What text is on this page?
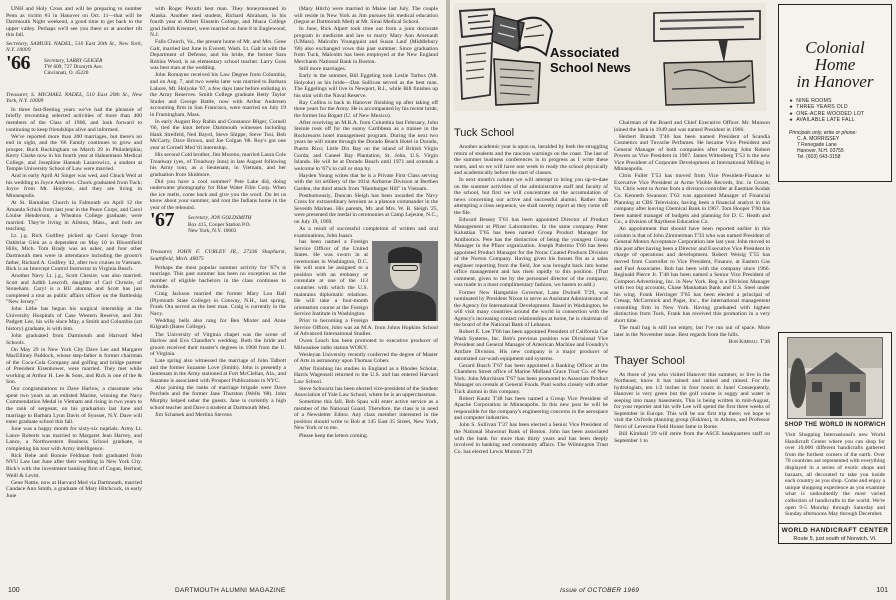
UNH and Holy Cross and will be preparing to number Penn as victim #3 in Hanover on Oct. 11—that will be Dartmouth Night weekend, a good time to get back to the upper valley. Perhaps we'll see you there or at another tilt this fall.

Secretary, SAMUEL NADEL, 510 East 20th St., New York, N.Y. 10009

'66	Secretary, LARRY GEIGER
TW 609, 727 Dixmyth Ave.
Cincinnati, O. 45220

Treasurer, S. MICHAEL NADEL, 510 East 20th St., New York, N.Y. 10009

In three fast-fleeting years we've had the pleasure of briefly recounting selected activities of more than 400 members of the Class of 1966, and look forward to continuing to keep friendships alive and informed.

We've reported more than 200 marriages, but there's no end in sight, and the '66 Family continues to grow and prosper. Buck Buckingham on March 29 in Philadelphia; Kerry Clarke now in his fourth year at Hahnemann Medical College, and Josephine Hannah Lazarowicz, a student at Temple University School of Law were married.

And in early April Al Singer was wed, and Chuck Weil at his wedding to Joyce Andrews. Chuck graduated from Tuck; Joyce from Mt. Holyoke, and they are living in Minneapolis.

At St. Barnabas Church in Falmouth on April 12 the Amanda Schick from last year in the Peace Corps, and Carol Louise Henderson, a Wheaton College graduate, were married. They're living in Allston, Mass., and both are teaching.

Lt. j.g. Rick Godfrey picked up Carol Savage from Oakbriar Glen as a dependent on May 10 in Bloomfield Hills, Mich. Tom Brady was an usher, and four other Dartmouth men were in attendance including the groom's father, Richard A. Godfrey '42, after two cruises to Vietnam. Rick is an Intercept Control Instructor in Virginia Beach.

Another Navy Lt. j.g., Scott Chesire, was also married. Scott and Judith Lescroft, daughter of Carl Christie, of Stoneham. Caryl is a BU alumna and Scott has just completed a tour as public affairs officer on the Battleship "New Jersey."

John Lithe has begun his surgical internship at the University Hospitals of Case Western Reserve, and Jim Padgett Lee, his wife since May, a Smith and Columbia (art history) graduate, is with him.

John graduated from Dartmouth and Harvard Med Schools.

On May 29 in New York City Dave Lee and Margaret MacElliney Paddock, whose step-father is former chairman of the Coca-Cola Company and golfing and bridge partner of President Eisenhower, were married. They met while working at Arthur H. Lee & Sons, and Rick is one of the & Son.

Our congratulations to Dave Harlow, a classmate who spent two years as an enlisted Marine, winning the Navy Commendation Medal in Vietnam and rising in two years to the rank of sergeant, on his graduation last June and marriage to Barbara Lynn Davis of Syosset, N.Y. Dave will enter graduate school this fall.

June was a happy month for sixty-six nuptials. Army Lt. Lance Roberts was married to Margaret Jean Harvey, and Lance, a Northwestern Business School graduate, is completing his tour with Army intelligence.

Rick Bebe and Bonnie Feldman both graduated from NYU Law last June after their wedding in New York City. Rick's with the investment banking firm of Cogan, Berlind, Weill & Levitt.

Gene Nattie, now at Harvard Med via Dartmouth, married Candace Ann Smith, a graduate of Mary Hitchcock, in early June

with Roger Pezutti best man. They honeymooned in Alaska. Another med student, Richard Abraham, in his fourth year at Albert Einstein College, and Ithaca College grad Judith Krentzel, were married on June 8 in Englewood, N.J.

Falls Church, Va., the present home of Mr. and Mrs. Gene Galt, married last June in Everett, Wash. Lt. Galt is with the Department of Defense, and his bride, the former Sara Robins Wood, is an elementary school teacher. Larry Goss was best man at the wedding.

John Romayne received his Law Degree from Columbia, and on Aug. 7, and two weeks later was married to Barbara Lahore, Mt. Holyoke '67, a few days later before enlisting in the Army Reserves. Smith College graduate Betty Taylor Studer and George Battle, now with Arthur Andersen accounting firm in San Francisco, were married on July 19 in Framingham, Mass.

In early August Roy Rabin and Constance Bliger, Cornell '66, tied the knot before Dartmouth witnesses including Hank Streifeld, Ned Bayrd, Steve Shippe, Steve Tosi, Bob McCarty, Dave Brown, and Joe Colgan '68. Roy's got one year at Cornell Med 'til internship.

His second Cold brother, Jim Moreno, married Laura Cole Treadway (yes, of Treadway Inns) in late August following his Army tour, as a lieutenant, in Vietnam, and her graduation from Skidmore.

Did you have a cool summer? Pete Lake did, doing underwater photography for Blue Water Film Corp. When the ice melts, come back and give you the word. Do let us know about your summer, and root the Indians home in the year of the rebound.

'67	Secretary, JON GOLDSMITH
Box 415, Cooper Station P.O.
New York, N.Y. 10003

Treasurer, JOHN F. CURLEY JR., 27336 Shaphurst, Southfield, Mich. 48075

Perhaps the most popular summer activity for '67's is marriage. This past summer has been no exception as the number of eligible bachelors in the class continues to dwindle.

Craig Jackson married the former Mary Lou Ball (Plymouth State College) in Conway, N.H., last spring. Frank Ota served as the best man. Craig is currently in the Navy.

Wedding bells also rang for Ben Mixter and Anne Kilgrath (Bates College).

The University of Virginia chapel was the scene of Harlow and Eva Chandler's wedding. Both the bride and groom received their master's degrees in 1968 from the U. of Virginia.

Late spring also witnessed the marriage of John Talbott and the former Suzanne Love (Smith). John is presently a lieutenant in the Army stationed at Fort McClellan, Ala., and Suzanne is associated with Prospect Publications in NYC.

Also joining the ranks of marriage brigade were Dave Perchels and the former Jane Thurston (Wells '68). John Murphy helped usher the guests. Jane is currently a high school teacher and Dave a student at Dartmouth Med.

Jim Schatsek and Mertina Stevens

(Mary Hitch) were married in Maine last July. The couple will reside in New York as Jim pursues his medical education (begun at Dartmouth Med) at Mt. Sinai Medical School.

In June, Rick Alpert took time out from a joint doctorate program in medicine and law to marry Mary Ann Arsenault (UMass). Malcolm Youngquist and Susan Lauf (Middlebury '66) also exchanged vows this past summer. Since graduation from Tuck, Malcolm has been employed at the New England Merchants National Bank in Boston.

Still more marriages.

Early in the summer, Bill Eggeling took Leslie Tarbox (Mt. Holyoke) as his bride—Dan Sullivan served as the best man. The Eggelings will live in Newport, R.I., while Bill finishes up his stint with the Naval Reserve.

Ray Collins is back in Hanover finishing up after taking off three years for the Army. He is accompanied by his recent bride, the former Ina Bogart (U. of New Mexico).

After receiving an M.B.A. from Columbia last February, John Steinle took off for the sunny Caribbean as a trainee in the Rockresorts hotel management program. During the next two years he will rotate through the Dorado Beach Hotel in Dorado, Puerto Rico; Little Dix Bay on the island of British Virgin Gorda; and Caneel Bay Plantation, St. John, U.S. Virgin Islands. He will be at Dorado Beach until 1971 and extends a welcome to '67's to call or stop by.

Hayden Young writes that he is a Private First Class serving with the 1st artillery of the 101st Airborne Division at Berthen Garden, the third attack from "Hamburger Hill" in Vietnam.

Posthumously, Duncan Sleigh has been awarded the Navy Cross for extraordinary heroism as a platoon commander in the Seventh Marines. His parents, Mr. and Mrs. W. B. Sleigh '25, were presented the medal in ceremonies at Camp Lejeune, N.C., on July 19, 1969.

As a result of successful completion of written and oral examinations, John Isaacs

has been named a Foreign Service Officer of the United States. He was sworn in at ceremonies in Washington, D.C. He will soon be assigned to a position with an embassy or consulate at one of the 113 countries with which the U.S. maintains diplomatic relations. He will take a four-month orientation course at the Foreign Service Institute in Washington.

Prior to becoming a Foreign Service Officer, John was an M.A. from Johns Hopkins School of Advanced International Studies.

Owen Leach has been promoted to executive producer of Milwaukee radio station WOKY.

Wesleyan University recently conferred the degree of Master of Arts in astronomy upon Thomas Cohen.

After finishing his studies in England as a Rhodes Scholar, Harris Wagenseil returned to the U.S. and has entered Harvard Law School.

Steve Schwartz has been elected vice-president of the Student Association of Yale Law School, where he is an upperclassman.

Sometime this fall, Bob Spau will enter active service as a member of the National Guard. Therefore, the class is in need of a Newsletter Editor. Any class member interested in the position should write to Bob at 145 East 35 Street, New York, New York or to me.

Please keep the letters coming.

100	DARTMOUTH ALUMNI MAGAZINE
Associated
School News
Tuck School

Another academic year is upon us, heralded by both the struggling return of students and the raucous warnings on the coast. The last of the summer business conferences is in progress as I write these notes, and so we will have one week to ready the school physically and academically before the start of classes.

In next month's column we will attempt to bring you up-to-date on the summer activities of the administrative staff and faculty of the school, but first we will concentrate on the accumulation of news concerning our active and successful alumni. Rather than attempting a class sequence, we shall merely report as they come off the file.

Edward Bessey T'61 has been appointed Director of Product Management at Pfizer Laboratories. In the same company Peter Kalustian T'65 has been named Group Product Manager for Antibiotics. Pete has the distinction of being the youngest Group Manager in the Pfizer organization. Joseph Palermo T'66 has been appointed Product Manager for the Norac Coated Products Division of the Norton Company. Having given his bosses fits as a sales engineer reporting from the field, Joe was brought back into home office management and has risen rapidly to this position. (That comment, given to me by the personnel director of the company, was made in a most complimentary fashion, we hasten to add.)

Former New Hampshire Governor, Lane Dwinell T'29, was nominated by President Nixon to serve as Assistant Administrator of the Agency for International Development. Based in Washington, he will visit many countries around the world in connection with the Agency's increasing contact relationships at home, he is chairman of the board of the National Bank of Lebanon.

Robert E. Lee T'66 has been appointed President of California Car Wash Systems, Inc. Bob's previous position was Divisional Vice President and General Manager of American Machine and Foundry's Amfare Division. His new company is a major producer of automated car-wash equipment and systems.

Gerard Busch T'67 has been appointed a Banking Officer at the Chambers Street office of Marine Midland Grace Trust Co. of New York. John Murchison T'67 has been promoted to Associate Product Manager on cereals at General Foods. Paul works closely with other Tuck alumni in this company.

Robert Kautz T'48 has been named a Group Vice President of Apache Corporation in Minneapolis. In this new post he will be responsible for the company's engineering concerns in the aerospace and computer industries.

John S. Sullivan T'37 has been elected a Senior Vice President of the National Shawmut Bank of Boston. John has been associated with the bank for more than thirty years and has been deeply involved in banking and community affairs. The Wilmington Trust Co. has elected Lewis Mumm T'29

Chairman of the Board and Chief Executive Officer. Mr. Munson joined the bank in 1949 and was named President in 1966.

Herbert Brandt T'46 has been named President of Scandia Cosmetics and Tuvache Perfumes. He became Vice President and General Manager of both companies after leaving John Robert Powers as Vice President in 1967. James Wittenberg T'53 is the new Vice President of Corporate Development at International Milling in Minneapolis.

Chris Fuller T'53 has moved from Vice President-Finance to Executive Vice President at Acme Visible Records, Inc. in Crozet, Va. Chris went to Acme from a division controller at Eastman Kodak Co. Kenneth Swanson T'63 was appointed Manager of Financial Planning at CBS Television, having been a financial analyst in this company after leaving Chemical Bank in 1967. Tom Hooper T'60 has been named manager of budgets and planning for D. C. Heath and Co., a division of Raytheon Education Co.

An appointment that should have been reported earlier in this column is that of John Zimmerman T'33 who was named President of General Motors Acceptance Corporation late last year. John moved to this post after having been a Director and Executive Vice President in charge of operations and development. Robert Weisig T'55 has moved from Controller to Vice President, Finance, at Eastern Gas and Fuel Associates. Bob has been with the company since 1966. Reginald Pierce Jr. T'48 has been named a Senior Vice President of Compton Advertising, Inc. in New York. Reg is a Division Manager with two big accounts, Chase Manhattan Bank and U.S. Steel under his wing. Frank Herringer T'65 has been elected a principal of Cresap, McCormick and Paget, Inc., the international management consulting firm in New York. Having graduated with highest distinction from Tuck, Frank has received this promotion in a very short time.

The mail bag is still not empty, but I've run out of space. More later in the November issue. Best regards from the hills.

Bob Kimball T'48
Thayer School

As those of you who visited Hanover this summer, or live in the Northeast, know it has rained and rained and rained. For the hydrologists, ten 1/2 inches in four hours in June! Consequently, Hanover is very green but the golf course is soggy and water is seeping into many basements. This is being written in mid-August, for your reporter and his wife Lee will spend the first three weeks of September in Europe. This will be our first trip there; we hope to visit the Oxfords planning group (Eskimo), in Athens, and Professor Nervi of Leverone Field House fame in Rome.

Bill Kimball '29 will retire from the ASCE headquarters staff on September 1 to

Colonial
Home
in Hanover
★ NINE ROOMS
★ THREE YEARS OLD
★ ONE-ACRE WOODED LOT
★ AVAILABLE LATE FALL
Principals only, write or phone:
C. A. MORRISSEY
7 Renegade Lane
Hanover, N.H. 03755
Tel. (603) 643-3158
SHOP THE WORLD IN NORWICH
Visit Shopping International's new World Handicraft Center where you can shop for over 10,000 different handicrafts gathered from the furthest corners of the earth. Over 70 countries are represented with everything displayed in a series of exotic shops and bazaars, all decorated to take you inside each country as you shop. Come and enjoy a unique shopping experience as you examine what is undoubtedly the most varied collection of handicrafts in the world. We're open 9-5 Monday through Saturday and Sunday afternoons May through December.
WORLD HANDICRAFT CENTER
Route 5, just south of Norwich, Vt.
Issue of OCTOBER 1969	101
